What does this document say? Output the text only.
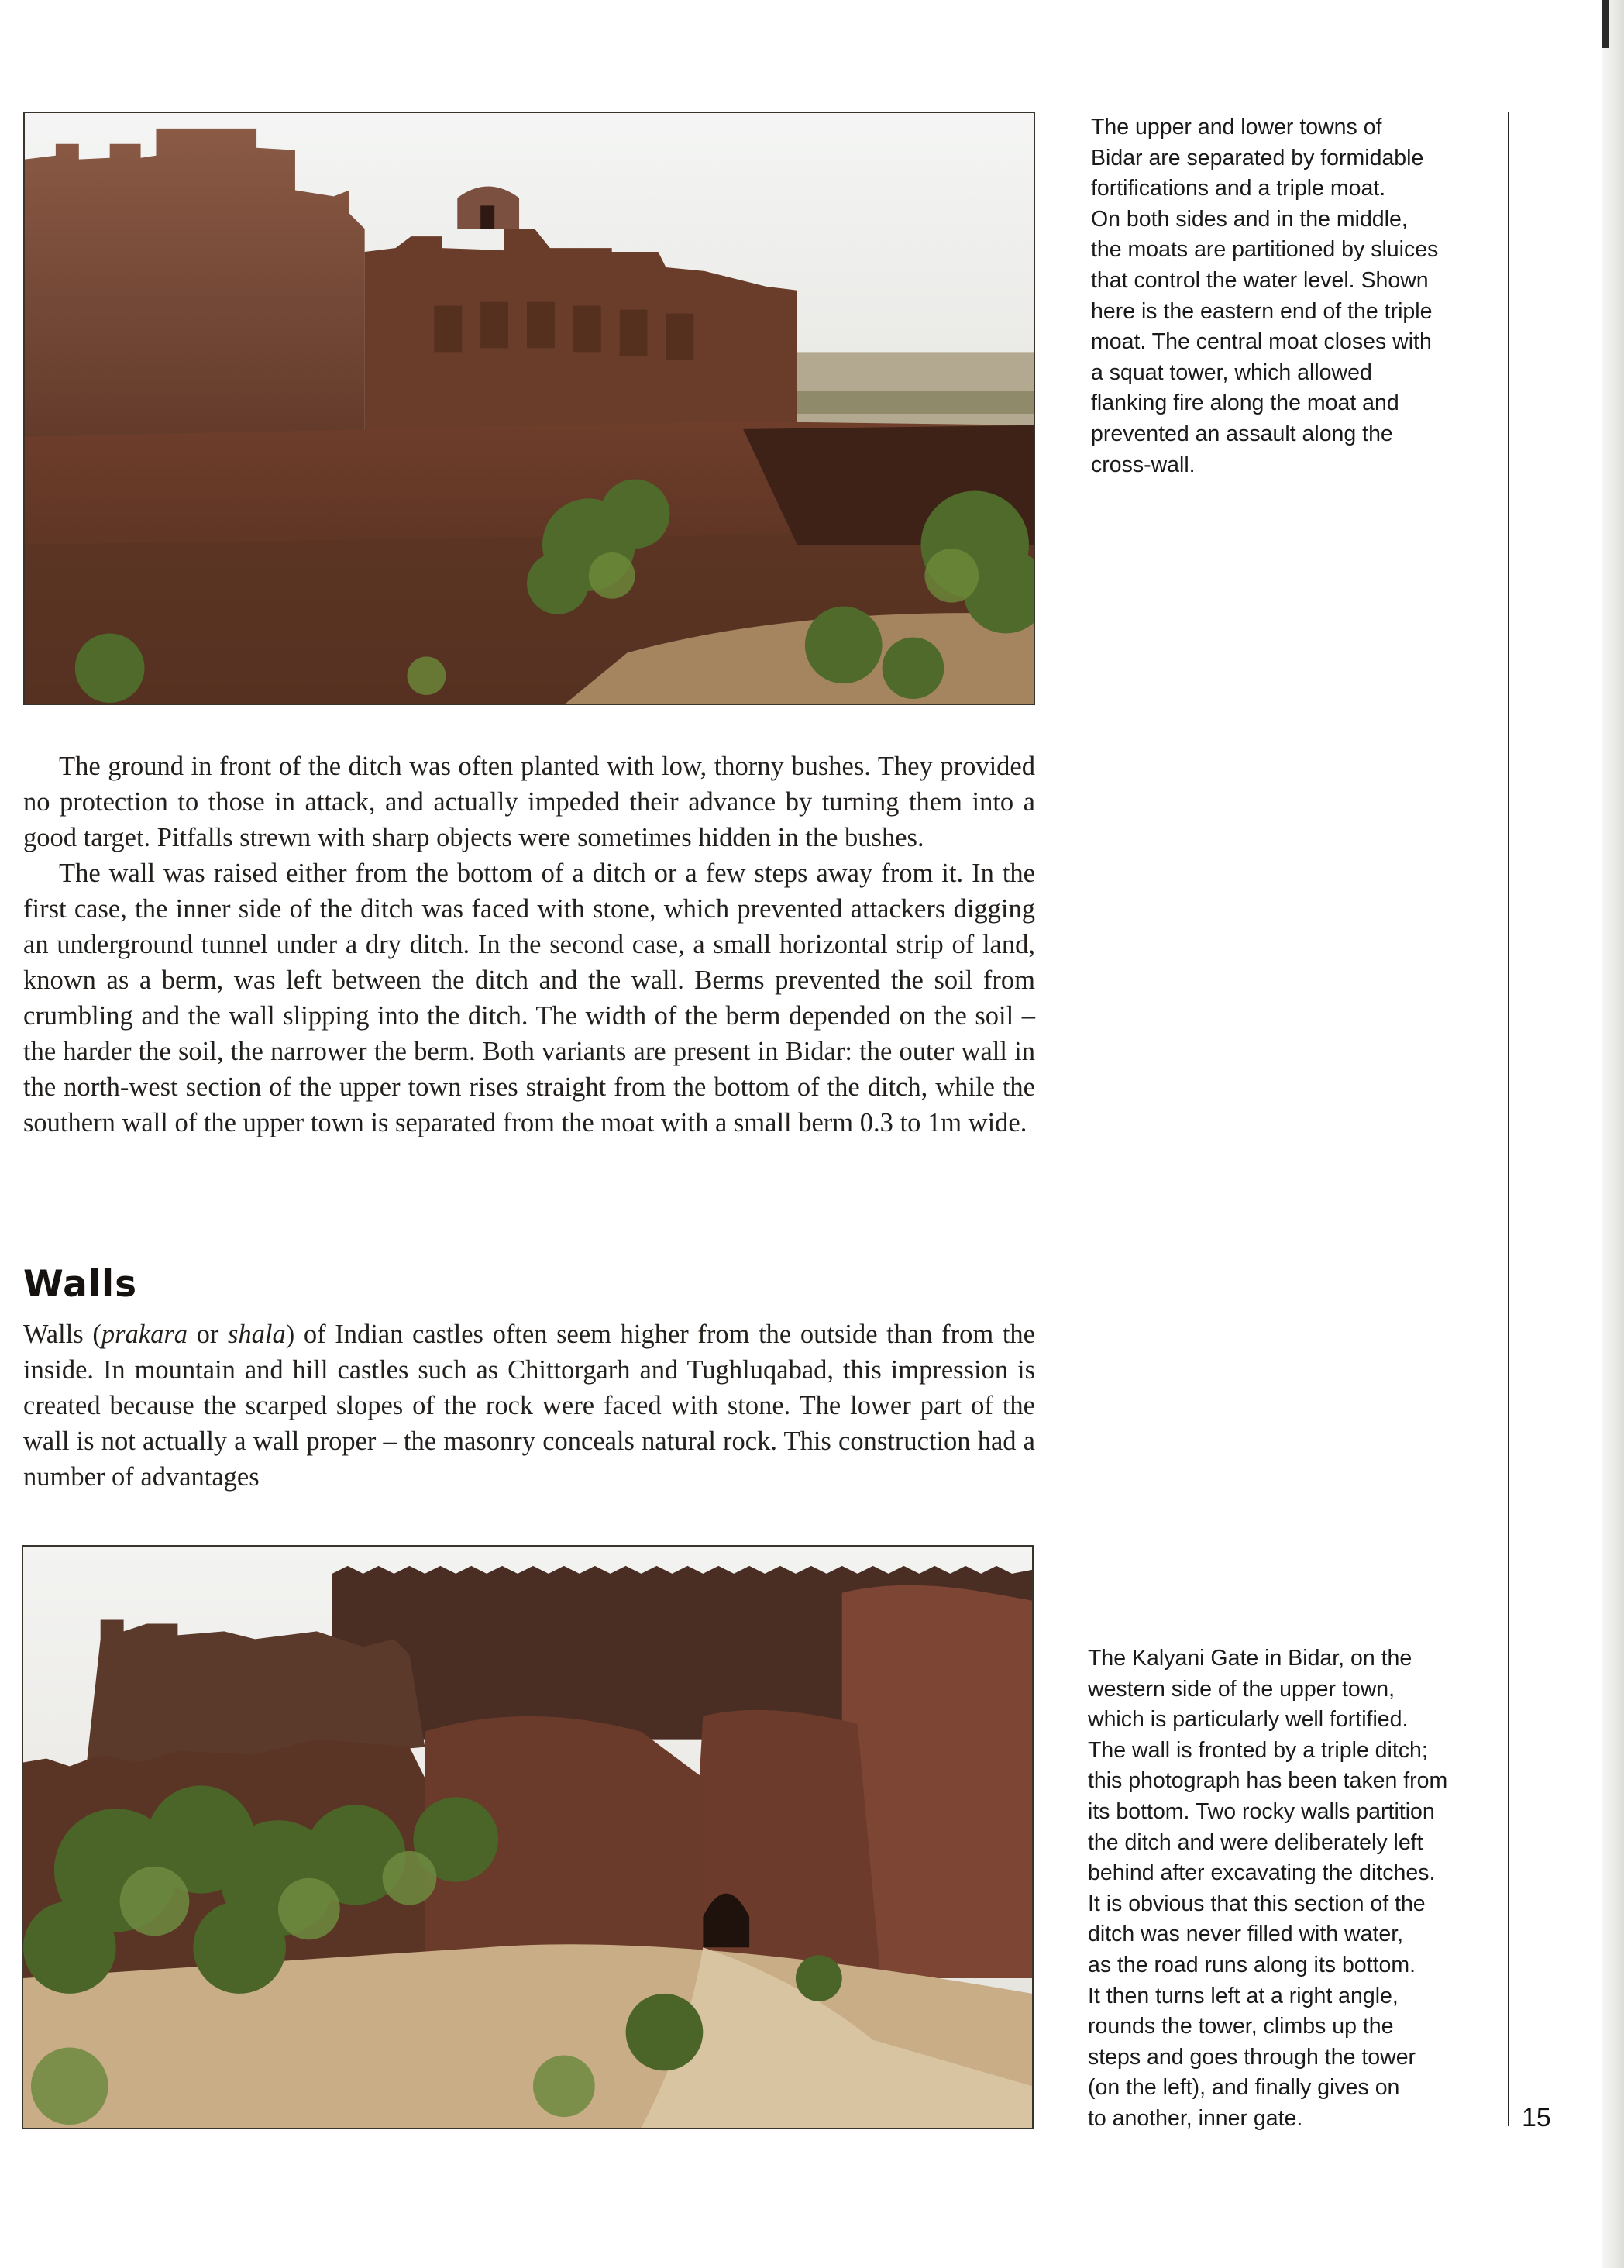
The upper and lower towns of
Bidar are separated by formidable
fortifications and a triple moat.
On both sides and in the middle,
the moats are partitioned by sluices
that control the water level. Shown
here is the eastern end of the triple
moat. The central moat closes with
a squat tower, which allowed
flanking fire along the moat and
prevented an assault along the
cross-wall.

The ground in front of the ditch was often planted with low, thorny bushes. They provided no protection to those in attack, and actually impeded their advance by turning them into a good target. Pitfalls strewn with sharp objects were sometimes hidden in the bushes.

The wall was raised either from the bottom of a ditch or a few steps away from it. In the first case, the inner side of the ditch was faced with stone, which prevented attackers digging an underground tunnel under a dry ditch. In the second case, a small horizontal strip of land, known as a berm, was left between the ditch and the wall. Berms prevented the soil from crumbling and the wall slipping into the ditch. The width of the berm depended on the soil – the harder the soil, the narrower the berm. Both variants are present in Bidar: the outer wall in the north-west section of the upper town rises straight from the bottom of the ditch, while the southern wall of the upper town is separated from the moat with a small berm 0.3 to 1m wide.

Walls

Walls (prakara or shala) of Indian castles often seem higher from the outside than from the inside. In mountain and hill castles such as Chittorgarh and Tughluqabad, this impression is created because the scarped slopes of the rock were faced with stone. The lower part of the wall is not actually a wall proper – the masonry conceals natural rock. This construction had a number of advantages

The Kalyani Gate in Bidar, on the
western side of the upper town,
which is particularly well fortified.
The wall is fronted by a triple ditch;
this photograph has been taken from
its bottom. Two rocky walls partition
the ditch and were deliberately left
behind after excavating the ditches.
It is obvious that this section of the
ditch was never filled with water,
as the road runs along its bottom.
It then turns left at a right angle,
rounds the tower, climbs up the
steps and goes through the tower
(on the left), and finally gives on
to another, inner gate.	15
